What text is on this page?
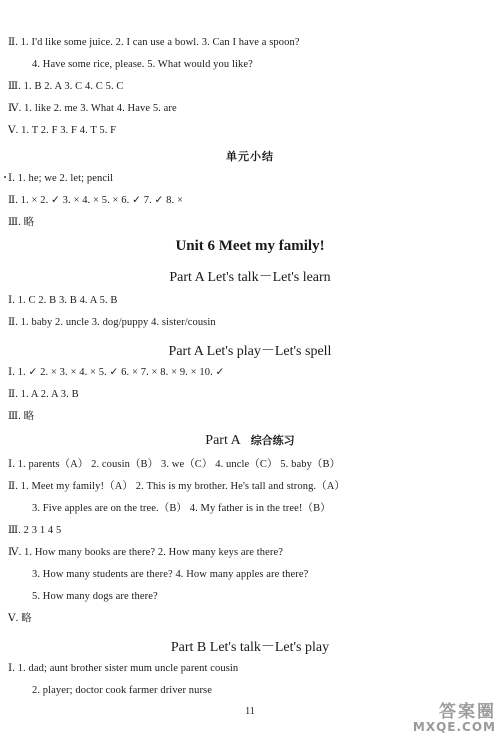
Ⅱ. 1. I'd like some juice. 2. I can use a bowl. 3. Can I have a spoon?
4. Have some rice, please. 5. What would you like?
Ⅲ. 1. B 2. A 3. C 4. C 5. C
Ⅳ. 1. like 2. me 3. What 4. Have 5. are
Ⅴ. 1. T 2. F 3. F 4. T 5. F
单元小结
Ⅰ. 1. he; we 2. let; pencil
Ⅱ. 1. × 2. ✓ 3. × 4. × 5. × 6. ✓ 7. ✓ 8. ×
Ⅲ. 略
Unit 6 Meet my family!
Part A Let's talk－Let's learn
Ⅰ. 1. C 2. B 3. B 4. A 5. B
Ⅱ. 1. baby 2. uncle 3. dog/puppy 4. sister/cousin
Part A Let's play－Let's spell
Ⅰ. 1. ✓ 2. × 3. × 4. × 5. ✓ 6. × 7. × 8. × 9. × 10. ✓
Ⅱ. 1. A 2. A 3. B
Ⅲ. 略
Part A 综合练习
Ⅰ. 1. parents（A） 2. cousin（B） 3. we（C） 4. uncle（C） 5. baby（B）
Ⅱ. 1. Meet my family!（A） 2. This is my brother. He's tall and strong.（A）
3. Five apples are on the tree.（B） 4. My father is in the tree!（B）
Ⅲ. 2 3 1 4 5
Ⅳ. 1. How many books are there? 2. How many keys are there?
3. How many students are there? 4. How many apples are there?
5. How many dogs are there?
Ⅴ. 略
Part B Let's talk－Let's play
Ⅰ. 1. dad; aunt brother sister mum uncle parent cousin
2. player; doctor cook farmer driver nurse
11	答案圈
MXQE.COM
